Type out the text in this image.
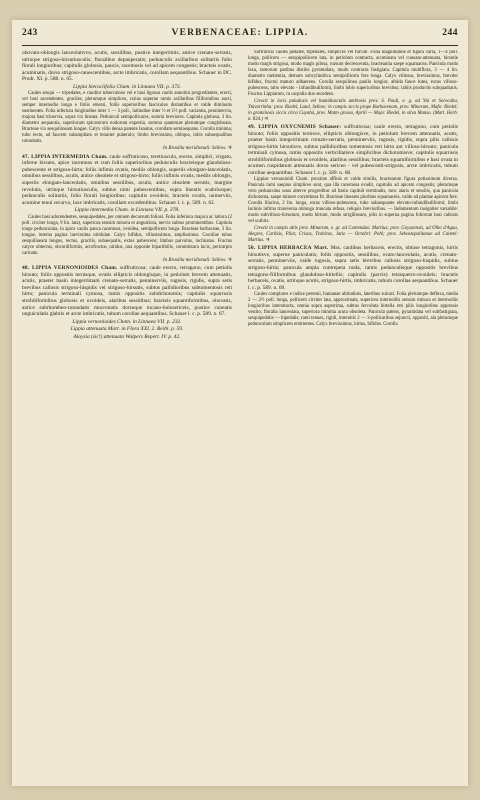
243	VERBENACEAE: LIPPIA.	244

obovato-oblongis lanceolativve, acutis, sessilibus, postice integerrimis, antice crenato-serratis, utrinque strigoso-hirsutiusculis; floralibus depauperatis; pedunculis axillaribus solitariis folio florali longioribus; capitulis globosis, paucis, racemosis vel ad apicem congestis; bracteis ovatis, acuminatis, dorso strigoso-canescentibus, arcte imbricatis, corollam aequantibus. Schauer in DC. Prodr. XI. p. 588. n. 65.

Lippia hieraciifolia Cham. in Linnaea VII. p. 373.

Caules sesqui — tripedales, e caudice tuberculoso vel e basi lignosa caulis annotini progredientes, erecti, vel basi ascendentes, graciles, plerumque simplices, rarius superne ramis axillaribus filiformibus aucti, semper internodio longo e foliis emersi, foliis superioribus fasciculos distantibus et valde diminutis sustinentes. Folia inferiora longitudine inter 1 — 3 poll., latitudine inter ½ et 1½ poll. variantia, penninervia, majora basi trinervia, supra vix lineata. Pedunculi semipollicares, summi breviores. Capitula globosa, 3 lin. diametro aequantia, superiorum spicatorum nodorum expertia, summa quaternae plerumque congloboata. Bracteae vix sesquilineam longae. Calyx villo densa patente lanatus, corollam semiaequans. Corolla minima; tubo recto, ad faucem subampliato et tenuiter puberulo; limbo brevissimo, obliquo, lobis subaequalibus rotundatis.

In Brasilia meridionali: Sellow. ♃

47. LIPPIA INTERMEDIA Cham. caule suffruticoso, teretiusculo, erecto, simplici, virgato, inferne hirsuto, apice racemoso et cum foliis superioribus pedunculis bracteisque glanduloso-pubescente et strigoso-hirto; foliis infimis ovatis, mediis oblongis, superiis elongato-lanceolatis, omnibus sessilibus, acutis, antice obsolete et strigoso-hirto; foliis infimis ovatis, mediis oblongis, superiis elongato-lanceolatis, omnibus sessilibus, acutis, antice obsolete serratis, marginе revolutis, utrinque hirsutiusculis, subtus nimi pubescentibus, supra lineatis scabriusque; pedunculis solitariis, folio florali longioribus; capitulis ovoideis; bracteis ovatis, uninerviis, acumine tenui recurvo, laxe imbricatis, corollam excedentibus. Schauer l. c. p. 589. n. 62.

Lippia intermedia Cham. in Linnaea VII. p. 378.

Caules basi adscendentes, sesquipedales, per omnem decursum foliosi. Folia inferiora majora ac latiora (2 poll. circiter longa, 9 lin. lata), superiora sensim minora et angustiora, nervis subtus prominentibus. Capitula longe pedunculata, in apice caulis pauca racemosa, ovoidea, semipollicem longa. Bracteae herbaceae, 3 lin. longae, interna pagina laevissima nitidulae. Calyx bifidus, villosissimus, amplissimus. Corollae tubus sesquilineam longus, rectus, gracilis, subaequalis, extus pubescens; limbus parvulus, inclinatus. Fructus calyce obtectus, obcordiformis, acrofructus, nitidus, una opposite bipartibilis, commissura lucis, pericarpio carinato.

In Brasilia meridionali: Sellow. ♃

48. LIPPIA VERNONIOIDES Cham. suffruticosa; caule erecto, tetragono, cum petiolis hirsuto; foliis oppositis ternisque, ovatis ellipticis oblongisque, in petiolum brevem attenuatis, acutis, praeter basin integerrimam crenato-serratis, penninerviis, rugosis, rigidis, supra setis brevibus callosis strigoso-hispidis vel strigoso-hirsutis, subtus pallidioribus subtomentosis reti hirto; panicula terminali cymosa, ramis oppositis subdichotomis; capitulis squarrosis strobiliformibus globosis et ovoideis, alaribus sessilibus; bracteis squamiformibus, obovatis, antice subrhombeo-rotundatis mucronatis dorsoque incano-holosericeis, postice cuneatis unguiculatis glabris et arcte imbricatis, tubum corollae aequantibus. Schauer l. c. p. 589. n. 67.

Lippia vernonioides Cham. in Linnaea VII. p. 232.

Lippia attenuata Mart. in Flora XXI. 2. Beibl. p. 59.

Aloysia (sic!) attenuata Walpers Repert. IV. p. 42.

Suffruticis caules pedales, bipedales, simplices vel furcati. Folia magnitudine et figura varia, 1—4 poll. longa, pollicem — sesquipollicem lata, in petiolum contracta, acuminata vel cuneato-attenuata, hirsutie modo magis strigosa, modo magis pilosa, rursum decrescentia, bracteantia saepe squamacea. Panicula modo laxa, ramorum paribus distitis pyramidata, modo contracta fastigiata. Capitula multiflora, 3 — 4 lin. diametro metientia, demum subcylindrica semipollicem fere longa. Calyx villosus, brevissimus, breviter bifidus, fructui maturo adhaerens. Corolla sesquilinea paullo longior, albida fauce lutea, extus villoso-pubescens, tubo elevato - infundibuliformi, limbi lobis superioribus brevibus; labiis productis subquadratis. Fructus Lippiarum, in carpidia duo secedens.

Crescit in locis paludosis vel humidiusculis umbrosis prov. S. Pauli, e. g. ad Ytú et Sorocaba, Ytúvarrinha: prov. Riedel, Lund, Sellow; in campis siccis prope Barbacenam, prov. Minarum, Mafo: Riedel; in graminosis siccis circa Cuyabá, prov. Matto grosso, Aprili — Majo: Riedel, in silva Manso. (Mart. Herb. n. 834.) ♃

49. LIPPIA OXYCNEMIS Schauer: suffruticosa; caule erecto, tetragono, cum petiolis hirsuto; foliis oppositis ternisve, ellipticis oblongisve, in petiolum brevem attenuatis, acutis, praeter basin integerrimam crenato-serratis, penninerviis, rugosis, rigidis, supra pilis callosis strigoso-hirtis hirsutisve, subtus pallidioribus tomentosis reti hirto aut villoso-hirsuto; panicula terminali cymosa, ramis oppositis verticillatisve simplicibus dichotomisve; capitulis squarrosis strobiliformibus globosis et ovoideis, alaribus sessilibus; bracteis squamiformibus e basi ovata in acumen cuspidatum attenuatis dorso sericeo - vel pubescenti-strigosis, arcte imbricatis, tubum corollae aequantibus. Schauer l. c. p. 589. n. 68.

Lippiae vernonioidi Cham. proxime affinis et valde similis, bractearum figura potissimum diversa. Panicula rami saepius simplices sunt, qua illa racemosa evadit, capitulis ad apicem congestis; plerumque vero pedunculus unus alterve progreditur ad basin capituli terminalis, tunc alaris et sessilis, qua panicula dichotoma, saepe minore corymbosa fit. Bracteae lineares pluribus squamaceis, valde ad plantae apicem fere. Corolla lilacina, 2 lin. longa, extus villoso-pubescens, tubo subaequante elevato-infundibuliformi; limbi laciniis infima transversa oblonga truncata refusa, reliquis brevioribus. — Indumentum insigniter variabile: modo subvilloso-hirsutum, modo hirtum, modo strigillosum, pilis in superna pagina foliorum basi callosis vel scabris.

Crescit in campis altis prov. Minarum, e. gr. ad Contendas: Martius; prov. Goyazensis, ad Olho d'Agua, Alegres, Caribás, Pilar, Crixas, Trahiras, Jatio — Octobri: Pohl; prov. Sebastopolitanae ad Caiteté: Martius. ♃

50. LIPPIA HERBACEA Mart. Mss. caulibus herbaceis, erectis, obtuse tetragonis, hirtis hirsutisve, superne paniculatis; foliis oppositis, sessilibus, ovato-lanceolatis, acutis, crenato-serratis, penninerviis, valde rugosis, supra setis brevibus callosis strigoso-hispidis, subtus strigoso-hirtis; panicula ampla contrepeta nuda, ramis pedunculisque oppositis brevibus tetragono-filiformibus glandulosо-hirtellis; capitulis (parvis) tetraquetro-ovoideis; bracteis herbaceis, ovatis, utrinque acutis, strigoso-hirtis, imbricatis, tubum corollae aequantibus. Schauer l. c. p. 589. n. 69.

Caules complures e radice perenni, humanae altitudinis, lateribus sulcati. Folia plerumque deflexa, media 2 — 2½ poll. longa, pollicem circiter lata, approximata, superiora internodiis sensim minora et internodiis longioribus interstincta, omnia supra asperrima, subtus fervoluta birtella reti pilis longioribus appressis vestito; floralia lanceolata, superiora minima acuta obsoleta. Panicula patens, pyramidata vel subfastigiata, sesquipedalis — bipedalis; rami tenues, rigidi, internitis 2 — 3-pollicaribus sejuncti, oppositi, ala plerumque pedunculum simplicem emittentes. Calyx brevissimus, birtus, bifidus. Corolla
